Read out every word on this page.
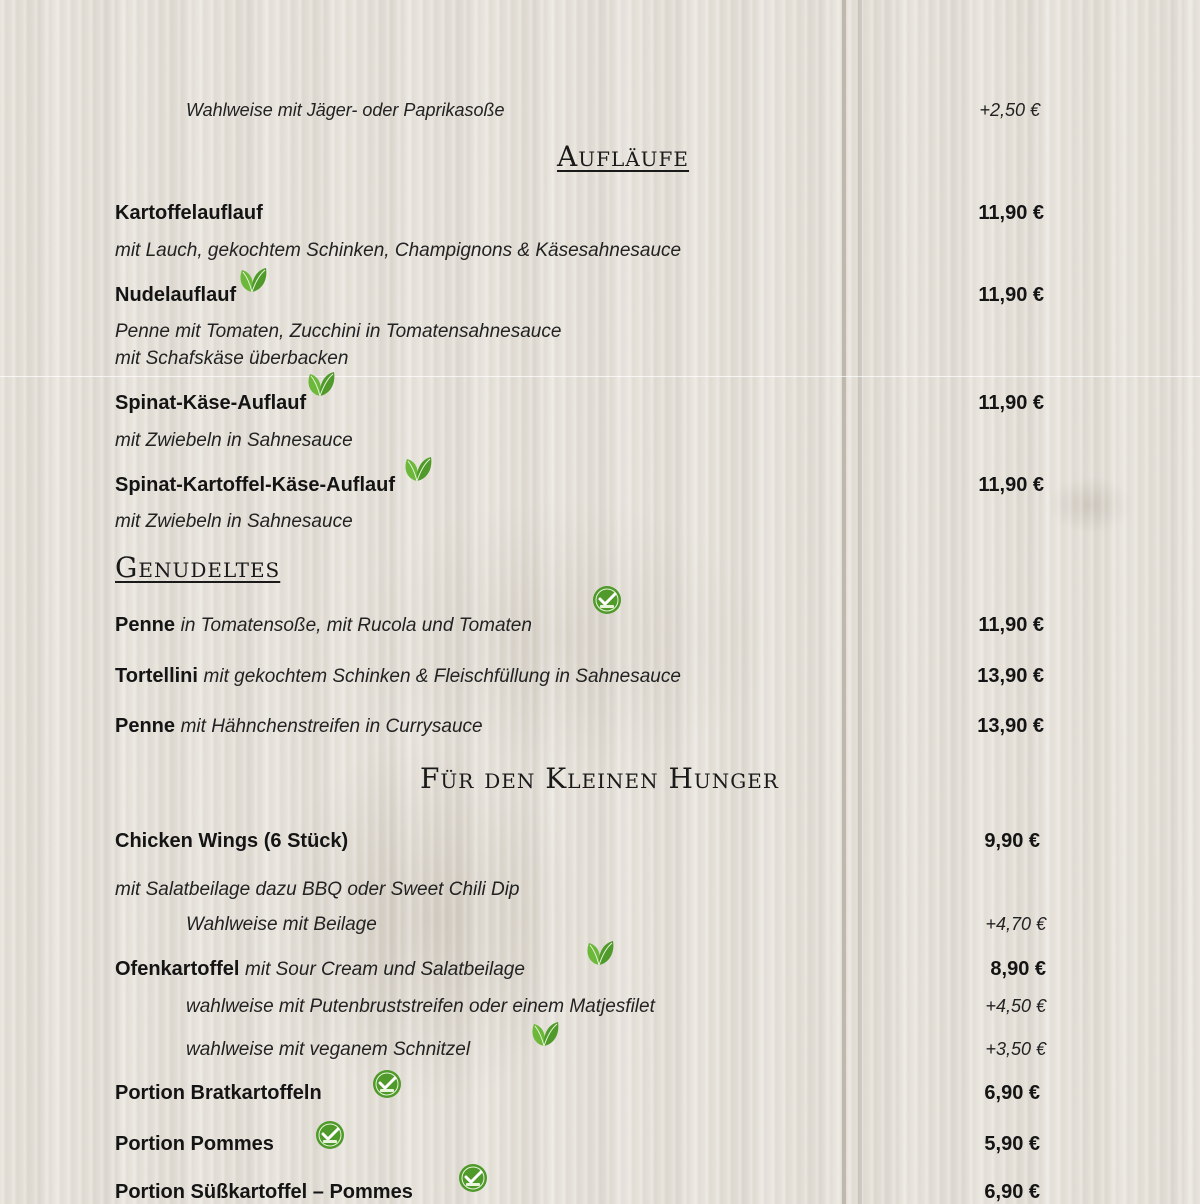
Wahlweise mit Jäger- oder Paprikasoße	+2,50 €
Aufläufe
Kartoffelauflauf	11,90 €
mit Lauch, gekochtem Schinken, Champignons & Käsesahnesauce
Nudelauflauf	11,90 €
Penne mit Tomaten, Zucchini in Tomatensahnesauce
mit Schafskäse überbacken
Spinat-Käse-Auflauf	11,90 €
mit Zwiebeln in Sahnesauce
Spinat-Kartoffel-Käse-Auflauf	11,90 €
mit Zwiebeln in Sahnesauce
Genudeltes
Penne in Tomatensoße, mit Rucola und Tomaten	11,90 €
Tortellini mit gekochtem Schinken & Fleischfüllung in Sahnesauce	13,90 €
Penne mit Hähnchenstreifen in Currysauce	13,90 €
Für den Kleinen Hunger
Chicken Wings (6 Stück)	9,90 €
mit Salatbeilage dazu BBQ oder Sweet Chili Dip
Wahlweise mit Beilage	+4,70 €
Ofenkartoffel mit Sour Cream und Salatbeilage	8,90 €
wahlweise mit Putenbruststreifen oder einem Matjesfilet	+4,50 €
wahlweise mit veganem Schnitzel	+3,50 €
Portion Bratkartoffeln	6,90 €
Portion Pommes	5,90 €
Portion Süßkartoffel – Pommes	6,90 €
